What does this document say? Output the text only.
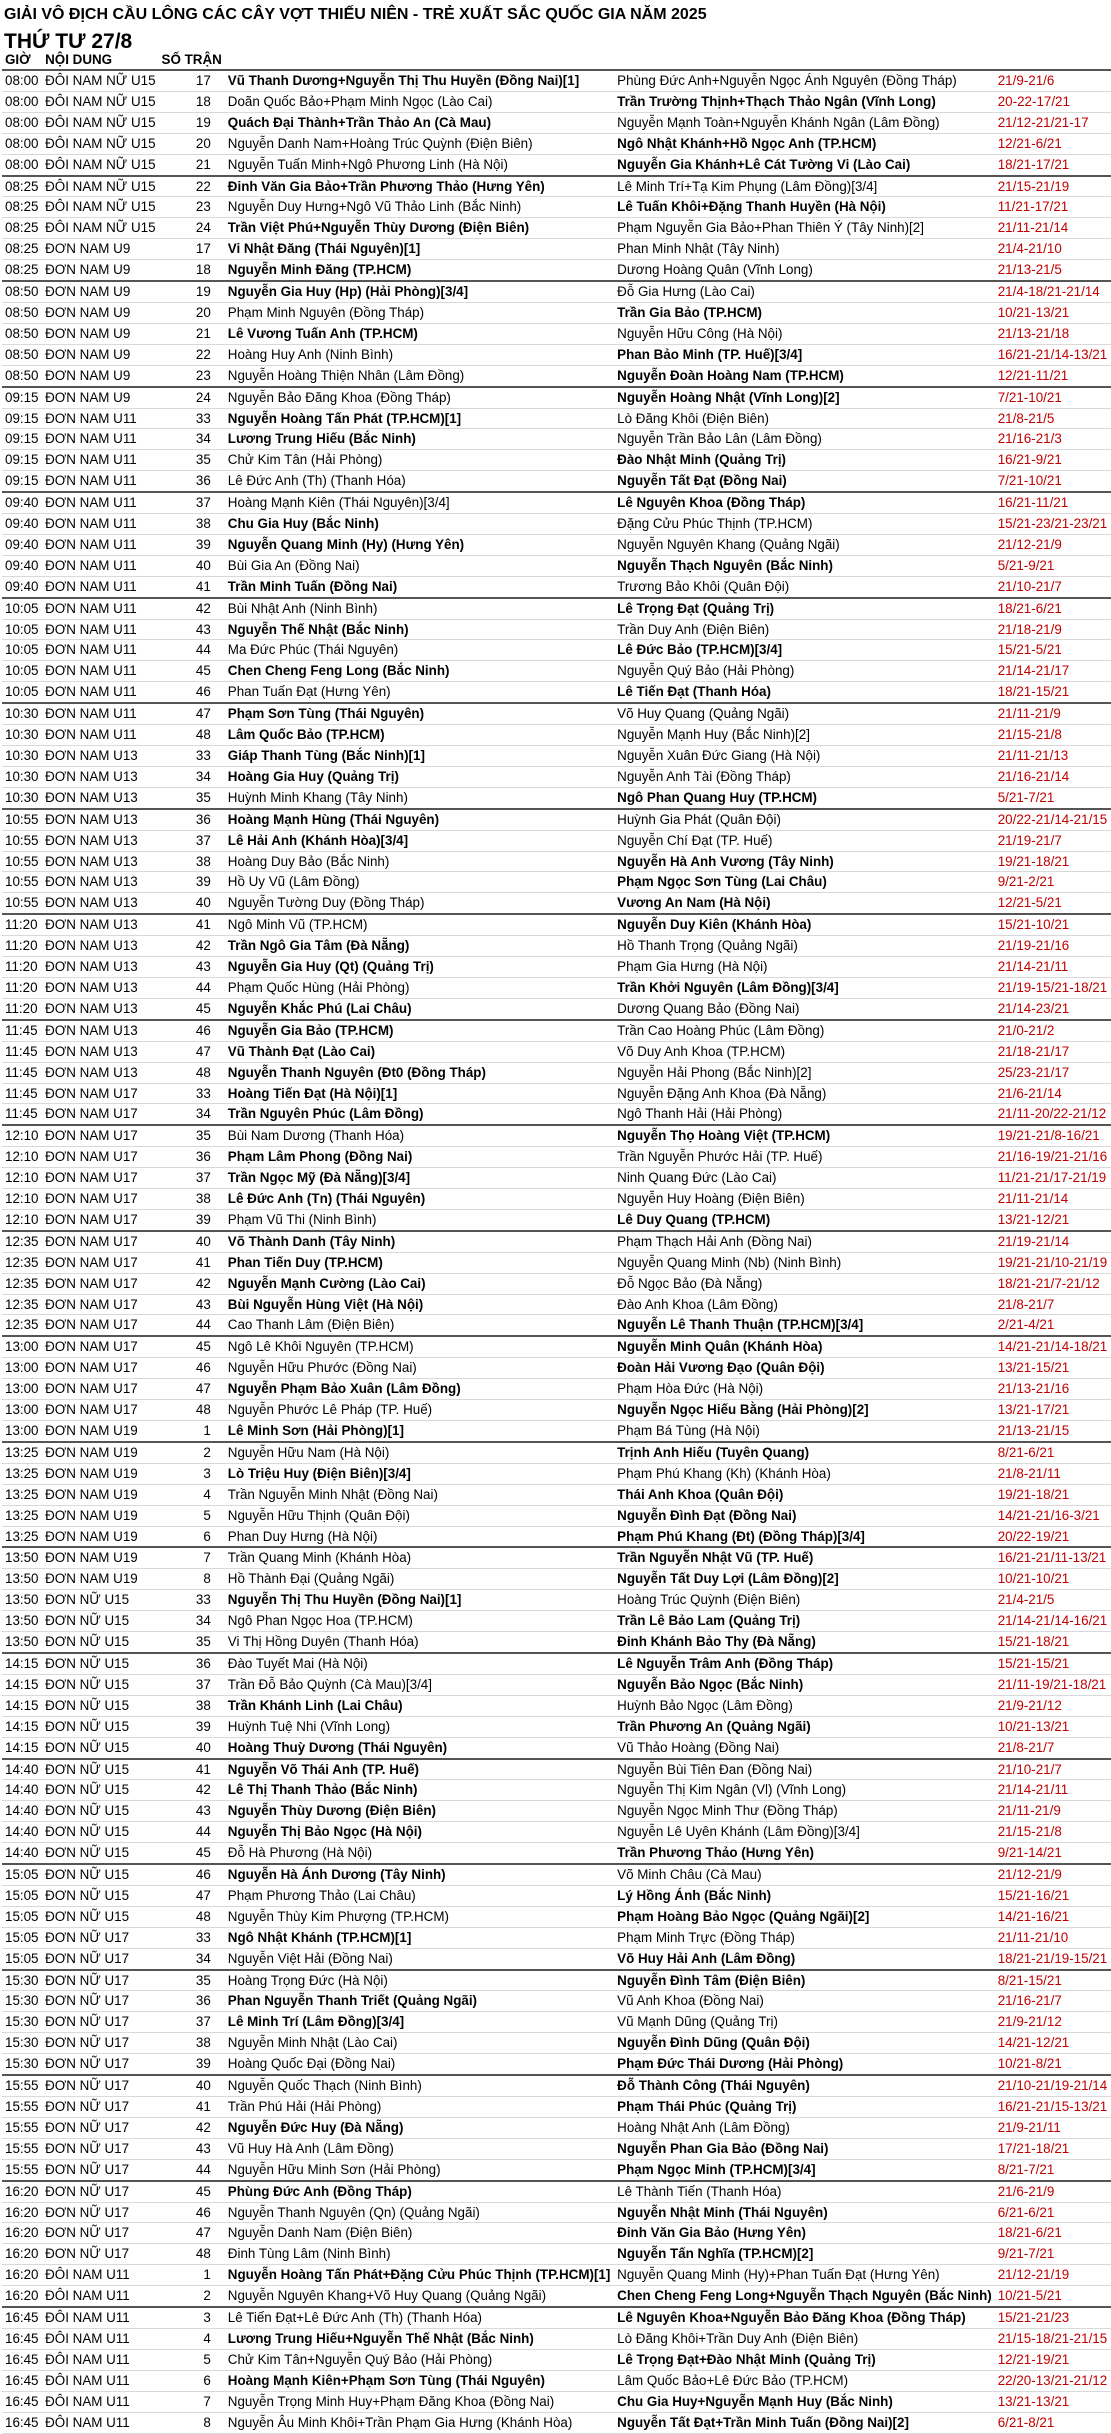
GIẢI VÔ ĐỊCH CẦU LÔNG CÁC CÂY VỢT THIẾU NIÊN - TRẺ XUẤT SẮC QUỐC GIA NĂM 2025
THỨ TƯ 27/8
GIỜ	NỘI DUNG	SỐ TRẬN			
08:00	ĐÔI NAM NỮ U15	17	Vũ Thanh Dương+Nguyễn Thị Thu Huyền (Đồng Nai)[1]	Phùng Đức Anh+Nguyễn Ngọc Ánh Nguyên (Đồng Tháp)	21/9-21/6
08:00	ĐÔI NAM NỮ U15	18	Doãn Quốc Bảo+Phạm Minh Ngọc (Lào Cai)	Trần Trường Thịnh+Thạch Thảo Ngân (Vĩnh Long)	20-22-17/21
08:00	ĐÔI NAM NỮ U15	19	Quách Đại Thành+Trần Thảo An (Cà Mau)	Nguyễn Mạnh Toàn+Nguyễn Khánh Ngân (Lâm Đồng)	21/12-21/21-17
08:00	ĐÔI NAM NỮ U15	20	Nguyễn Danh Nam+Hoàng Trúc Quỳnh (Điện Biên)	Ngô Nhật Khánh+Hồ Ngọc Anh (TP.HCM)	12/21-6/21
08:00	ĐÔI NAM NỮ U15	21	Nguyễn Tuấn Minh+Ngô Phương Linh (Hà Nội)	Nguyễn Gia Khánh+Lê Cát Tường Vi (Lào Cai)	18/21-17/21
08:25	ĐÔI NAM NỮ U15	22	Đinh Văn Gia Bảo+Trần Phương Thảo (Hưng Yên)	Lê Minh Trí+Tạ Kim Phụng (Lâm Đồng)[3/4]	21/15-21/19
08:25	ĐÔI NAM NỮ U15	23	Nguyễn Duy Hưng+Ngô Vũ Thảo Linh (Bắc Ninh)	Lê Tuấn Khôi+Đặng Thanh Huyền (Hà Nội)	11/21-17/21
08:25	ĐÔI NAM NỮ U15	24	Trần Việt Phú+Nguyễn Thùy Dương (Điện Biên)	Phạm Nguyễn Gia Bảo+Phan Thiên Ý (Tây Ninh)[2]	21/11-21/14
08:25	ĐƠN NAM U9	17	Vi Nhật Đăng (Thái Nguyên)[1]	Phan Minh Nhật (Tây Ninh)	21/4-21/10
08:25	ĐƠN NAM U9	18	Nguyễn Minh Đăng (TP.HCM)	Dương Hoàng Quân (Vĩnh Long)	21/13-21/5
08:50	ĐƠN NAM U9	19	Nguyễn Gia Huy (Hp) (Hải Phòng)[3/4]	Đỗ Gia Hưng (Lào Cai)	21/4-18/21-21/14
08:50	ĐƠN NAM U9	20	Phạm Minh Nguyên (Đồng Tháp)	Trần Gia Bảo (TP.HCM)	10/21-13/21
08:50	ĐƠN NAM U9	21	Lê Vương Tuấn Anh (TP.HCM)	Nguyễn Hữu Công (Hà Nội)	21/13-21/18
08:50	ĐƠN NAM U9	22	Hoàng Huy Anh (Ninh Bình)	Phan Bảo Minh (TP. Huế)[3/4]	16/21-21/14-13/21
08:50	ĐƠN NAM U9	23	Nguyễn Hoàng Thiện Nhân (Lâm Đồng)	Nguyễn Đoàn Hoàng Nam (TP.HCM)	12/21-11/21
09:15	ĐƠN NAM U9	24	Nguyễn Bảo Đăng Khoa (Đồng Tháp)	Nguyễn Hoàng Nhật (Vĩnh Long)[2]	7/21-10/21
09:15	ĐƠN NAM U11	33	Nguyễn Hoàng Tấn Phát (TP.HCM)[1]	Lò Đăng Khôi (Điện Biên)	21/8-21/5
09:15	ĐƠN NAM U11	34	Lương Trung Hiếu (Bắc Ninh)	Nguyễn Trần Bảo Lân (Lâm Đồng)	21/16-21/3
09:15	ĐƠN NAM U11	35	Chử Kim Tân (Hải Phòng)	Đào Nhật Minh (Quảng Trị)	16/21-9/21
09:15	ĐƠN NAM U11	36	Lê Đức Anh (Th) (Thanh Hóa)	Nguyễn Tất Đạt (Đồng Nai)	7/21-10/21
09:40	ĐƠN NAM U11	37	Hoàng Mạnh Kiên (Thái Nguyên)[3/4]	Lê Nguyên Khoa (Đồng Tháp)	16/21-11/21
09:40	ĐƠN NAM U11	38	Chu Gia Huy (Bắc Ninh)	Đặng Cửu Phúc Thịnh (TP.HCM)	15/21-23/21-23/21
09:40	ĐƠN NAM U11	39	Nguyễn Quang Minh (Hy) (Hưng Yên)	Nguyễn Nguyên Khang (Quảng Ngãi)	21/12-21/9
09:40	ĐƠN NAM U11	40	Bùi Gia An (Đồng Nai)	Nguyễn Thạch Nguyên (Bắc Ninh)	5/21-9/21
09:40	ĐƠN NAM U11	41	Trần Minh Tuấn (Đồng Nai)	Trương Bảo Khôi (Quân Đội)	21/10-21/7
10:05	ĐƠN NAM U11	42	Bùi Nhật Anh (Ninh Bình)	Lê Trọng Đạt (Quảng Trị)	18/21-6/21
10:05	ĐƠN NAM U11	43	Nguyễn Thế Nhật (Bắc Ninh)	Trần Duy Anh (Điện Biên)	21/18-21/9
10:05	ĐƠN NAM U11	44	Ma Đức Phúc (Thái Nguyên)	Lê Đức Bảo (TP.HCM)[3/4]	15/21-5/21
10:05	ĐƠN NAM U11	45	Chen Cheng Feng Long (Bắc Ninh)	Nguyễn Quý Bảo (Hải Phòng)	21/14-21/17
10:05	ĐƠN NAM U11	46	Phan Tuấn Đạt (Hưng Yên)	Lê Tiến Đạt (Thanh Hóa)	18/21-15/21
10:30	ĐƠN NAM U11	47	Phạm Sơn Tùng (Thái Nguyên)	Võ Huy Quang (Quảng Ngãi)	21/11-21/9
10:30	ĐƠN NAM U11	48	Lâm Quốc Bảo (TP.HCM)	Nguyễn Mạnh Huy (Bắc Ninh)[2]	21/15-21/8
10:30	ĐƠN NAM U13	33	Giáp Thanh Tùng (Bắc Ninh)[1]	Nguyễn Xuân Đức Giang (Hà Nội)	21/11-21/13
10:30	ĐƠN NAM U13	34	Hoàng Gia Huy (Quảng Trị)	Nguyễn Anh Tài (Đồng Tháp)	21/16-21/14
10:30	ĐƠN NAM U13	35	Huỳnh Minh Khang (Tây Ninh)	Ngô Phan Quang Huy (TP.HCM)	5/21-7/21
10:55	ĐƠN NAM U13	36	Hoàng Mạnh Hùng (Thái Nguyên)	Huỳnh Gia Phát (Quân Đội)	20/22-21/14-21/15
10:55	ĐƠN NAM U13	37	Lê Hải Anh (Khánh Hòa)[3/4]	Nguyễn Chí Đạt (TP. Huế)	21/19-21/7
10:55	ĐƠN NAM U13	38	Hoàng Duy Bảo (Bắc Ninh)	Nguyễn Hà Anh Vương (Tây Ninh)	19/21-18/21
10:55	ĐƠN NAM U13	39	Hồ Uy Vũ (Lâm Đồng)	Phạm Ngọc Sơn Tùng (Lai Châu)	9/21-2/21
10:55	ĐƠN NAM U13	40	Nguyễn Tường Duy (Đồng Tháp)	Vương An Nam (Hà Nội)	12/21-5/21
11:20	ĐƠN NAM U13	41	Ngô Minh Vũ (TP.HCM)	Nguyễn Duy Kiên (Khánh Hòa)	15/21-10/21
11:20	ĐƠN NAM U13	42	Trần Ngô Gia Tâm (Đà Nẵng)	Hồ Thanh Trọng (Quảng Ngãi)	21/19-21/16
11:20	ĐƠN NAM U13	43	Nguyễn Gia Huy (Qt) (Quảng Trị)	Phạm Gia Hưng (Hà Nội)	21/14-21/11
11:20	ĐƠN NAM U13	44	Phạm Quốc Hùng (Hải Phòng)	Trần Khởi Nguyên (Lâm Đồng)[3/4]	21/19-15/21-18/21
11:20	ĐƠN NAM U13	45	Nguyễn Khắc Phú (Lai Châu)	Dương Quang Bảo (Đồng Nai)	21/14-23/21
11:45	ĐƠN NAM U13	46	Nguyễn Gia Bảo (TP.HCM)	Trần Cao Hoàng Phúc (Lâm Đồng)	21/0-21/2
11:45	ĐƠN NAM U13	47	Vũ Thành Đạt (Lào Cai)	Võ Duy Anh Khoa (TP.HCM)	21/18-21/17
11:45	ĐƠN NAM U13	48	Nguyễn Thanh Nguyên (Đt0 (Đồng Tháp)	Nguyễn Hải Phong (Bắc Ninh)[2]	25/23-21/17
11:45	ĐƠN NAM U17	33	Hoàng Tiến Đạt (Hà Nội)[1]	Nguyễn Đặng Anh Khoa (Đà Nẵng)	21/6-21/14
11:45	ĐƠN NAM U17	34	Trần Nguyên Phúc (Lâm Đồng)	Ngô Thanh Hải (Hải Phòng)	21/11-20/22-21/12
12:10	ĐƠN NAM U17	35	Bùi Nam Dương (Thanh Hóa)	Nguyễn Thọ Hoàng Việt (TP.HCM)	19/21-21/8-16/21
12:10	ĐƠN NAM U17	36	Phạm Lâm Phong (Đồng Nai)	Trần Nguyễn Phước Hải (TP. Huế)	21/16-19/21-21/16
12:10	ĐƠN NAM U17	37	Trần Ngọc Mỹ (Đà Nẵng)[3/4]	Ninh Quang Đức (Lào Cai)	11/21-21/17-21/19
12:10	ĐƠN NAM U17	38	Lê Đức Anh (Tn) (Thái Nguyên)	Nguyễn Huy Hoàng (Điện Biên)	21/11-21/14
12:10	ĐƠN NAM U17	39	Phạm Vũ Thi (Ninh Bình)	Lê Duy Quang (TP.HCM)	13/21-12/21
12:35	ĐƠN NAM U17	40	Võ Thành Danh (Tây Ninh)	Phạm Thạch Hải Anh (Đồng Nai)	21/19-21/14
12:35	ĐƠN NAM U17	41	Phan Tiến Duy (TP.HCM)	Nguyễn Quang Minh (Nb) (Ninh Bình)	19/21-21/10-21/19
12:35	ĐƠN NAM U17	42	Nguyễn Mạnh Cường (Lào Cai)	Đỗ Ngọc Bảo (Đà Nẵng)	18/21-21/7-21/12
12:35	ĐƠN NAM U17	43	Bùi Nguyễn Hùng Việt (Hà Nội)	Đào Anh Khoa (Lâm Đồng)	21/8-21/7
12:35	ĐƠN NAM U17	44	Cao Thanh Lâm (Điện Biên)	Nguyễn Lê Thanh Thuận (TP.HCM)[3/4]	2/21-4/21
13:00	ĐƠN NAM U17	45	Ngô Lê Khôi Nguyên (TP.HCM)	Nguyễn Minh Quân (Khánh Hòa)	14/21-21/14-18/21
13:00	ĐƠN NAM U17	46	Nguyễn Hữu Phước (Đồng Nai)	Đoàn Hải Vương Đạo (Quân Đội)	13/21-15/21
13:00	ĐƠN NAM U17	47	Nguyễn Phạm Bảo Xuân (Lâm Đồng)	Phạm Hòa Đức (Hà Nội)	21/13-21/16
13:00	ĐƠN NAM U17	48	Nguyễn Phước Lê Pháp (TP. Huế)	Nguyễn Ngọc Hiếu Bằng (Hải Phòng)[2]	13/21-17/21
13:00	ĐƠN NAM U19	1	Lê Minh Sơn (Hải Phòng)[1]	Phạm Bá Tùng (Hà Nội)	21/13-21/15
13:25	ĐƠN NAM U19	2	Nguyễn Hữu Nam (Hà Nội)	Trịnh Anh Hiếu (Tuyên Quang)	8/21-6/21
13:25	ĐƠN NAM U19	3	Lò Triệu Huy (Điện Biên)[3/4]	Phạm Phú Khang (Kh) (Khánh Hòa)	21/8-21/11
13:25	ĐƠN NAM U19	4	Trần Nguyễn Minh Nhật (Đồng Nai)	Thái Anh Khoa (Quân Đội)	19/21-18/21
13:25	ĐƠN NAM U19	5	Nguyễn Hữu Thịnh (Quân Đội)	Nguyễn Đình Đạt (Đồng Nai)	14/21-21/16-3/21
13:25	ĐƠN NAM U19	6	Phan Duy Hưng (Hà Nội)	Phạm Phú Khang (Đt) (Đồng Tháp)[3/4]	20/22-19/21
13:50	ĐƠN NAM U19	7	Trần Quang Minh (Khánh Hòa)	Trần Nguyễn Nhật Vũ (TP. Huế)	16/21-21/11-13/21
13:50	ĐƠN NAM U19	8	Hồ Thành Đại (Quảng Ngãi)	Nguyễn Tất Duy Lợi (Lâm Đồng)[2]	10/21-10/21
13:50	ĐƠN NỮ U15	33	Nguyễn Thị Thu Huyền (Đồng Nai)[1]	Hoàng Trúc Quỳnh (Điện Biên)	21/4-21/5
13:50	ĐƠN NỮ U15	34	Ngô Phan Ngọc Hoa (TP.HCM)	Trần Lê Bảo Lam (Quảng Trị)	21/14-21/14-16/21
13:50	ĐƠN NỮ U15	35	Vi Thị Hồng Duyên (Thanh Hóa)	Đinh Khánh Bảo Thy (Đà Nẵng)	15/21-18/21
14:15	ĐƠN NỮ U15	36	Đào Tuyết Mai (Hà Nội)	Lê Nguyễn Trâm Anh (Đồng Tháp)	15/21-15/21
14:15	ĐƠN NỮ U15	37	Trần Đỗ Bảo Quỳnh (Cà Mau)[3/4]	Nguyễn Bảo Ngọc (Bắc Ninh)	21/11-19/21-18/21
14:15	ĐƠN NỮ U15	38	Trần Khánh Linh (Lai Châu)	Huỳnh Bảo Ngọc (Lâm Đồng)	21/9-21/12
14:15	ĐƠN NỮ U15	39	Huỳnh Tuệ Nhi (Vĩnh Long)	Trần Phương An (Quảng Ngãi)	10/21-13/21
14:15	ĐƠN NỮ U15	40	Hoàng Thuỳ Dương (Thái Nguyên)	Vũ Thảo Hoàng (Đồng Nai)	21/8-21/7
14:40	ĐƠN NỮ U15	41	Nguyễn Võ Thái Anh (TP. Huế)	Nguyễn Bùi Tiên Đan (Đồng Nai)	21/10-21/7
14:40	ĐƠN NỮ U15	42	Lê Thị Thanh Thảo (Bắc Ninh)	Nguyễn Thị Kim Ngân (Vl) (Vĩnh Long)	21/14-21/11
14:40	ĐƠN NỮ U15	43	Nguyễn Thùy Dương (Điện Biên)	Nguyễn Ngọc Minh Thư (Đồng Tháp)	21/11-21/9
14:40	ĐƠN NỮ U15	44	Nguyễn Thị Bảo Ngọc (Hà Nội)	Nguyễn Lê Uyên Khánh (Lâm Đồng)[3/4]	21/15-21/8
14:40	ĐƠN NỮ U15	45	Đỗ Hà Phương (Hà Nội)	Trần Phương Thảo (Hưng Yên)	9/21-14/21
15:05	ĐƠN NỮ U15	46	Nguyễn Hà Ánh Dương (Tây Ninh)	Võ Minh Châu (Cà Mau)	21/12-21/9
15:05	ĐƠN NỮ U15	47	Phạm Phương Thảo (Lai Châu)	Lý Hồng Ánh (Bắc Ninh)	15/21-16/21
15:05	ĐƠN NỮ U15	48	Nguyễn Thùy Kim Phượng (TP.HCM)	Phạm Hoàng Bảo Ngọc (Quảng Ngãi)[2]	14/21-16/21
15:05	ĐƠN NỮ U17	33	Ngô Nhật Khánh (TP.HCM)[1]	Phạm Minh Trực (Đồng Tháp)	21/11-21/10
15:05	ĐƠN NỮ U17	34	Nguyễn Việt Hải (Đồng Nai)	Võ Huy Hải Anh (Lâm Đồng)	18/21-21/19-15/21
15:30	ĐƠN NỮ U17	35	Hoàng Trọng Đức (Hà Nội)	Nguyễn Đình Tâm (Điện Biên)	8/21-15/21
15:30	ĐƠN NỮ U17	36	Phan Nguyễn Thanh Triết (Quảng Ngãi)	Vũ Anh Khoa (Đồng Nai)	21/16-21/7
15:30	ĐƠN NỮ U17	37	Lê Minh Trí (Lâm Đồng)[3/4]	Vũ Mạnh Dũng (Quảng Trị)	21/9-21/12
15:30	ĐƠN NỮ U17	38	Nguyễn Minh Nhật (Lào Cai)	Nguyễn Đình Dũng (Quân Đội)	14/21-12/21
15:30	ĐƠN NỮ U17	39	Hoàng Quốc Đại (Đồng Nai)	Phạm Đức Thái Dương (Hải Phòng)	10/21-8/21
15:55	ĐƠN NỮ U17	40	Nguyễn Quốc Thạch (Ninh Bình)	Đỗ Thành Công (Thái Nguyên)	21/10-21/19-21/14
15:55	ĐƠN NỮ U17	41	Trần Phú Hải (Hải Phòng)	Phạm Thái Phúc (Quảng Trị)	16/21-21/15-13/21
15:55	ĐƠN NỮ U17	42	Nguyễn Đức Huy (Đà Nẵng)	Hoàng Nhật Anh (Lâm Đồng)	21/9-21/11
15:55	ĐƠN NỮ U17	43	Vũ Huy Hà Anh (Lâm Đồng)	Nguyễn Phan Gia Bảo (Đồng Nai)	17/21-18/21
15:55	ĐƠN NỮ U17	44	Nguyễn Hữu Minh Sơn (Hải Phòng)	Phạm Ngọc Minh (TP.HCM)[3/4]	8/21-7/21
16:20	ĐƠN NỮ U17	45	Phùng Đức Anh (Đồng Tháp)	Lê Thành Tiến (Thanh Hóa)	21/6-21/9
16:20	ĐƠN NỮ U17	46	Nguyễn Thanh Nguyên (Qn) (Quảng Ngãi)	Nguyễn Nhật Minh (Thái Nguyên)	6/21-6/21
16:20	ĐƠN NỮ U17	47	Nguyễn Danh Nam (Điện Biên)	Đinh Văn Gia Bảo (Hưng Yên)	18/21-6/21
16:20	ĐƠN NỮ U17	48	Đinh Tùng Lâm (Ninh Bình)	Nguyễn Tấn Nghĩa (TP.HCM)[2]	9/21-7/21
16:20	ĐÔI NAM U11	1	Nguyễn Hoàng Tấn Phát+Đặng Cửu Phúc Thịnh (TP.HCM)[1]	Nguyễn Quang Minh (Hy)+Phan Tuấn Đạt (Hưng Yên)	21/12-21/19
16:20	ĐÔI NAM U11	2	Nguyễn Nguyên Khang+Võ Huy Quang (Quảng Ngãi)	Chen Cheng Feng Long+Nguyễn Thạch Nguyên (Bắc Ninh)	10/21-5/21
16:45	ĐÔI NAM U11	3	Lê Tiến Đạt+Lê Đức Anh (Th) (Thanh Hóa)	Lê Nguyên Khoa+Nguyễn Bảo Đăng Khoa (Đồng Tháp)	15/21-21/23
16:45	ĐÔI NAM U11	4	Lương Trung Hiếu+Nguyễn Thế Nhật (Bắc Ninh)	Lò Đăng Khôi+Trần Duy Anh (Điện Biên)	21/15-18/21-21/15
16:45	ĐÔI NAM U11	5	Chử Kim Tân+Nguyễn Quý Bảo (Hải Phòng)	Lê Trọng Đạt+Đào Nhật Minh (Quảng Trị)	12/21-19/21
16:45	ĐÔI NAM U11	6	Hoàng Mạnh Kiên+Phạm Sơn Tùng (Thái Nguyên)	Lâm Quốc Bảo+Lê Đức Bảo (TP.HCM)	22/20-13/21-21/12
16:45	ĐÔI NAM U11	7	Nguyễn Trọng Minh Huy+Phạm Đăng Khoa (Đồng Nai)	Chu Gia Huy+Nguyễn Mạnh Huy (Bắc Ninh)	13/21-13/21
16:45	ĐÔI NAM U11	8	Nguyễn Âu Minh Khôi+Trần Phạm Gia Hưng (Khánh Hòa)	Nguyễn Tất Đạt+Trần Minh Tuấn (Đồng Nai)[2]	6/21-8/21
